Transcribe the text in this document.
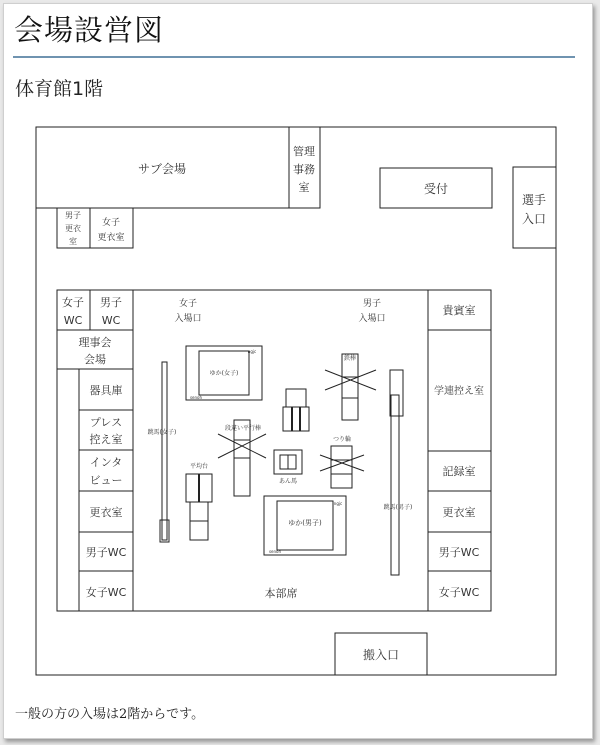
会場設営図
体育館1階
サブ会場
管理
事務
室	受付
選手
入口
男子
更衣
室
女子
更衣室
女子
WC
男子
WC
理事会
会場
器具庫
プレス
控え室
インタ
ビュー
更衣室
男子WC
女子WC
貴賓室
学連控え室
記録室
更衣室
男子WC
女子WC
搬入口
女子
入場口
男子
入場口
本部席
ゆか(女子)
ngjc
senoh
ゆか(男子)
ngjc
senoh
跳馬(女子)
跳馬(男子)
段違い平行棒
平均台
あん馬
つり輪
鉄棒
一般の方の入場は2階からです。
